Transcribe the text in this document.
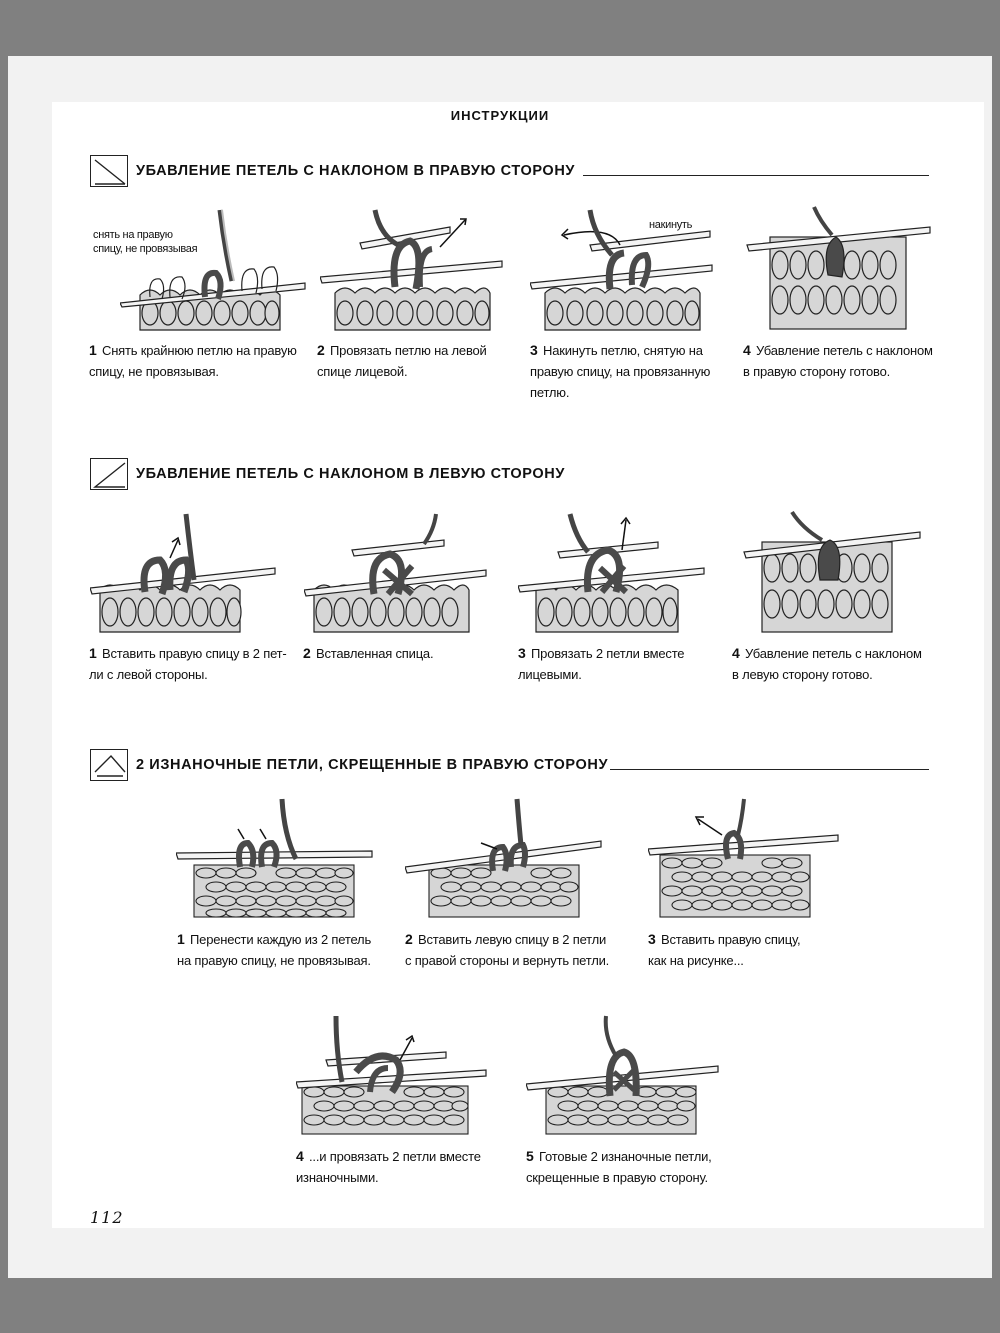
ИНСТРУКЦИИ
УБАВЛЕНИЕ ПЕТЕЛЬ С НАКЛОНОМ В ПРАВУЮ СТОРОНУ
снять на правую
спицу, не провязывая
накинуть
1 Снять крайнюю петлю на правую
спицу, не провязывая.
2 Провязать петлю на левой
спице лицевой.
3 Накинуть петлю, снятую на
правую спицу, на провязанную
петлю.
4 Убавление петель с наклоном
в правую сторону готово.
УБАВЛЕНИЕ ПЕТЕЛЬ С НАКЛОНОМ В ЛЕВУЮ СТОРОНУ
1 Вставить правую спицу в 2 пет-
ли с левой стороны.
2 Вставленная спица.	3 Провязать 2 петли вместе
лицевыми.
4 Убавление петель с наклоном
в левую сторону готово.
2 ИЗНАНОЧНЫЕ ПЕТЛИ, СКРЕЩЕННЫЕ В ПРАВУЮ СТОРОНУ
1 Перенести каждую из 2 петель
на правую спицу, не провязывая.
2 Вставить левую спицу в 2 петли
с правой стороны и вернуть петли.
3 Вставить правую спицу,
как на рисунке...
4 ...и провязать 2 петли вместе
изнаночными.
5 Готовые 2 изнаночные петли,
скрещенные в правую сторону.
112
